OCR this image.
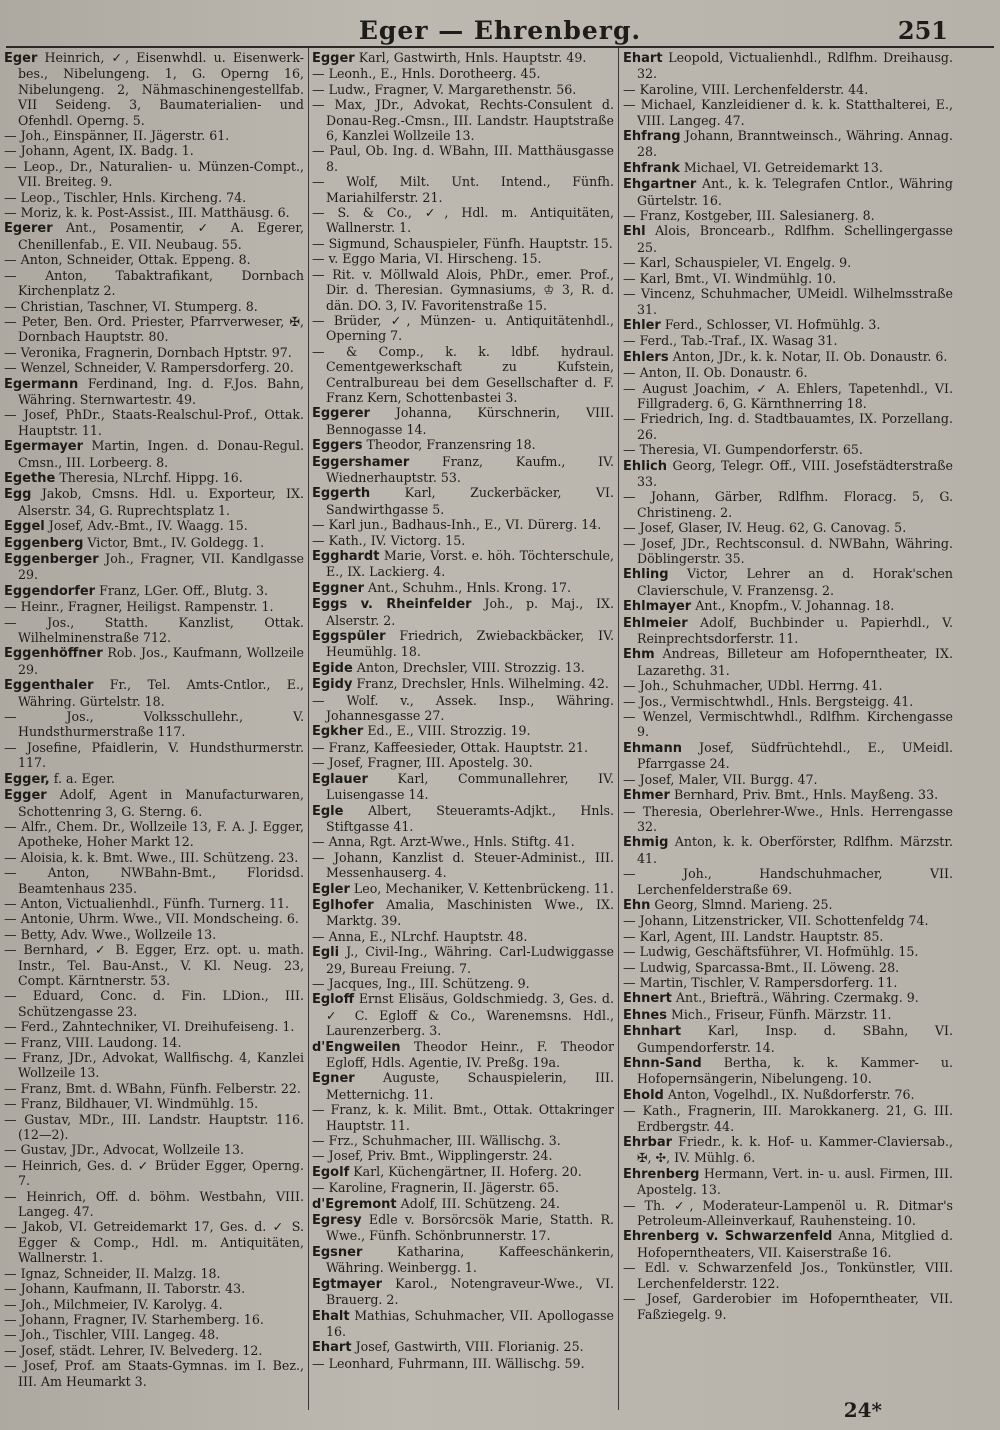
Eger — Ehrenberg.	251
Eger Heinrich, ✓, Eisenwhdl. u. Eisenwerk-bes., Nibelungeng. 1, G. Operng 16, Nibelungeng. 2, Nähmaschinengestellfab. VII Seideng. 3, Baumaterialien- und Ofenhdl. Operng. 5.
— Joh., Einspänner, II. Jägerstr. 61.
— Johann, Agent, IX. Badg. 1.
— Leop., Dr., Naturalien- u. Münzen-Compt., VII. Breiteg. 9.
— Leop., Tischler, Hnls. Kircheng. 74.
— Moriz, k. k. Post-Assist., III. Matthäusg. 6.
Egerer Ant., Posamentir, ✓ A. Egerer, Chenillenfab., E. VII. Neubaug. 55.
— Anton, Schneider, Ottak. Eppeng. 8.
— Anton, Tabaktrafikant, Dornbach Kirchenplatz 2.
— Christian, Taschner, VI. Stumperg. 8.
— Peter, Ben. Ord. Priester, Pfarrverweser, ✠, Dornbach Hauptstr. 80.
— Veronika, Fragnerin, Dornbach Hptstr. 97.
— Wenzel, Schneider, V. Rampersdorferg. 20.
Egermann Ferdinand, Ing. d. F.Jos. Bahn, Währing. Sternwartestr. 49.
— Josef, PhDr., Staats-Realschul-Prof., Ottak. Hauptstr. 11.
Egermayer Martin, Ingen. d. Donau-Regul. Cmsn., III. Lorbeerg. 8.
Egethe Theresia, NLrchf. Hippg. 16.
Egg Jakob, Cmsns. Hdl. u. Exporteur, IX. Alserstr. 34, G. Ruprechtsplatz 1.
Eggel Josef, Adv.-Bmt., IV. Waagg. 15.
Eggenberg Victor, Bmt., IV. Goldegg. 1.
Eggenberger Joh., Fragner, VII. Kandlgasse 29.
Eggendorfer Franz, LGer. Off., Blutg. 3.
— Heinr., Fragner, Heiligst. Rampenstr. 1.
— Jos., Statth. Kanzlist, Ottak. Wilhelminenstraße 712.
Eggenhöffner Rob. Jos., Kaufmann, Wollzeile 29.
Eggenthaler Fr., Tel. Amts-Cntlor., E., Währing. Gürtelstr. 18.
— Jos., Volksschullehr., V. Hundsthurmerstraße 117.
— Josefine, Pfaidlerin, V. Hundsthurmerstr. 117.
Egger, f. a. Eger.
Egger Adolf, Agent in Manufacturwaren, Schottenring 3, G. Sterng. 6.
— Alfr., Chem. Dr., Wollzeile 13, F. A. J. Egger, Apotheke, Hoher Markt 12.
— Aloisia, k. k. Bmt. Wwe., III. Schützeng. 23.
— Anton, NWBahn-Bmt., Floridsd. Beamtenhaus 235.
— Anton, Victualienhdl., Fünfh. Turnerg. 11.
— Antonie, Uhrm. Wwe., VII. Mondscheing. 6.
— Betty, Adv. Wwe., Wollzeile 13.
— Bernhard, ✓ B. Egger, Erz. opt. u. math. Instr., Tel. Bau-Anst., V. Kl. Neug. 23, Compt. Kärntnerstr. 53.
— Eduard, Conc. d. Fin. LDion., III. Schützengasse 23.
— Ferd., Zahntechniker, VI. Dreihufeiseng. 1.
— Franz, VIII. Laudong. 14.
— Franz, JDr., Advokat, Wallfischg. 4, Kanzlei Wollzeile 13.
— Franz, Bmt. d. WBahn, Fünfh. Felberstr. 22.
— Franz, Bildhauer, VI. Windmühlg. 15.
— Gustav, MDr., III. Landstr. Hauptstr. 116. (12—2).
— Gustav, JDr., Advocat, Wollzeile 13.
— Heinrich, Ges. d. ✓ Brüder Egger, Operng. 7.
— Heinrich, Off. d. böhm. Westbahn, VIII. Langeg. 47.
— Jakob, VI. Getreidemarkt 17, Ges. d. ✓ S. Egger & Comp., Hdl. m. Antiquitäten, Wallnerstr. 1.
— Ignaz, Schneider, II. Malzg. 18.
— Johann, Kaufmann, II. Taborstr. 43.
— Joh., Milchmeier, IV. Karolyg. 4.
— Johann, Fragner, IV. Starhemberg. 16.
— Joh., Tischler, VIII. Langeg. 48.
— Josef, städt. Lehrer, IV. Belvederg. 12.
— Josef, Prof. am Staats-Gymnas. im I. Bez., III. Am Heumarkt 3.
Egger Karl, Gastwirth, Hnls. Hauptstr. 49.
— Leonh., E., Hnls. Dorotheerg. 45.
— Ludw., Fragner, V. Margarethenstr. 56.
— Max, JDr., Advokat, Rechts-Consulent d. Donau-Reg.-Cmsn., III. Landstr. Hauptstraße 6, Kanzlei Wollzeile 13.
— Paul, Ob. Ing. d. WBahn, III. Matthäusgasse 8.
— Wolf, Milt. Unt. Intend., Fünfh. Mariahilferstr. 21.
— S. & Co., ✓, Hdl. m. Antiquitäten, Wallnerstr. 1.
— Sigmund, Schauspieler, Fünfh. Hauptstr. 15.
— v. Eggo Maria, VI. Hirscheng. 15.
— Rit. v. Möllwald Alois, PhDr., emer. Prof., Dir. d. Theresian. Gymnasiums, ♔ 3, R. d. dän. DO. 3, IV. Favoritenstraße 15.
— Brüder, ✓, Münzen- u. Antiquitätenhdl., Operning 7.
— & Comp., k. k. ldbf. hydraul. Cementgewerkschaft zu Kufstein, Centralbureau bei dem Gesellschafter d. F. Franz Kern, Schottenbastei 3.
Eggerer Johanna, Kürschnerin, VIII. Bennogasse 14.
Eggers Theodor, Franzensring 18.
Eggershamer	Franz, Kaufm., IV. Wiednerhauptstr. 53.
Eggerth	Karl, Zuckerbäcker, VI. Sandwirthgasse 5.
— Karl jun., Badhaus-Inh., E., VI. Dürerg. 14.
— Kath., IV. Victorg. 15.
Egghardt Marie, Vorst. e. höh. Töchterschule, E., IX. Lackierg. 4.
Eggner Ant., Schuhm., Hnls. Krong. 17.
Eggs v. Rheinfelder Joh., p. Maj., IX. Alserstr. 2.
Eggspüler Friedrich, Zwiebackbäcker, IV. Heumühlg. 18.
Egide Anton, Drechsler, VIII. Strozzig. 13.
Egidy Franz, Drechsler, Hnls. Wilhelming. 42.
— Wolf. v., Assek. Insp., Währing. Johannesgasse 27.
Egkher Ed., E., VIII. Strozzig. 19.
— Franz, Kaffeesieder, Ottak. Hauptstr. 21.
— Josef, Fragner, III. Apostelg. 30.
Eglauer Karl, Communallehrer, IV. Luisengasse 14.
Egle Albert, Steueramts-Adjkt., Hnls. Stiftgasse 41.
— Anna, Rgt. Arzt-Wwe., Hnls. Stiftg. 41.
— Johann, Kanzlist d. Steuer-Administ., III. Messenhauserg. 4.
Egler Leo, Mechaniker, V. Kettenbrückeng. 11.
Eglhofer Amalia, Maschinisten Wwe., IX. Marktg. 39.
— Anna, E., NLrchf. Hauptstr. 48.
Egli J., Civil-Ing., Währing. Carl-Ludwiggasse 29, Bureau Freiung. 7.
— Jacques, Ing., III. Schützeng. 9.
Egloff Ernst Elisäus, Goldschmiedg. 3, Ges. d. ✓ C. Egloff & Co., Warenemsns. Hdl., Laurenzerberg. 3.
d'Engweilen Theodor Heinr., F. Theodor Egloff, Hdls. Agentie, IV. Preßg. 19a.
Egner Auguste, Schauspielerin, III. Metternichg. 11.
— Franz, k. k. Milit. Bmt., Ottak. Ottakringer Hauptstr. 11.
— Frz., Schuhmacher, III. Wällischg. 3.
— Josef, Priv. Bmt., Wipplingerstr. 24.
Egolf Karl, Küchengärtner, II. Hoferg. 20.
— Karoline, Fragnerin, II. Jägerstr. 65.
d'Egremont Adolf, III. Schützeng. 24.
Egresy Edle v. Borsörcsök Marie, Statth. R. Wwe., Fünfh. Schönbrunnerstr. 17.
Egsner	Katharina, Kaffeeschänkerin, Währing. Weinbergg. 1.
Egtmayer Karol., Notengraveur-Wwe., VI. Brauerg. 2.
Ehalt Mathias, Schuhmacher, VII. Apollogasse 16.
Ehart Josef, Gastwirth, VIII. Florianig. 25.
— Leonhard, Fuhrmann, III. Wällischg. 59.
Ehart Leopold, Victualienhdl., Rdlfhm. Dreihausg. 32.
— Karoline, VIII. Lerchenfelderstr. 44.
— Michael, Kanzleidiener d. k. k. Statthalterei, E., VIII. Langeg. 47.
Ehfrang Johann, Branntweinsch., Währing. Annag. 28.
Ehfrank Michael, VI. Getreidemarkt 13.
Ehgartner Ant., k. k. Telegrafen Cntlor., Währing Gürtelstr. 16.
— Franz, Kostgeber, III. Salesianerg. 8.
Ehl Alois, Broncearb., Rdlfhm. Schellingergasse 25.
— Karl, Schauspieler, VI. Engelg. 9.
— Karl, Bmt., VI. Windmühlg. 10.
— Vincenz, Schuhmacher, UMeidl. Wilhelmsstraße 31.
Ehler Ferd., Schlosser, VI. Hofmühlg. 3.
— Ferd., Tab.-Traf., IX. Wasag 31.
Ehlers Anton, JDr., k. k. Notar, II. Ob. Donaustr. 6.
— Anton, II. Ob. Donaustr. 6.
— August Joachim, ✓ A. Ehlers, Tapetenhdl., VI. Fillgraderg. 6, G. Kärnthnerring 18.
— Friedrich, Ing. d. Stadtbauamtes, IX. Porzellang. 26.
— Theresia, VI. Gumpendorferstr. 65.
Ehlich Georg, Telegr. Off., VIII. Josefstädterstraße 33.
— Johann, Gärber, Rdlfhm. Floracg. 5, G. Christineng. 2.
— Josef, Glaser, IV. Heug. 62, G. Canovag. 5.
— Josef, JDr., Rechtsconsul. d. NWBahn, Währing. Döblingerstr. 35.
Ehling Victor, Lehrer an d. Horak'schen Clavierschule, V. Franzensg. 2.
Ehlmayer Ant., Knopfm., V. Johannag. 18.
Ehlmeier Adolf, Buchbinder u. Papierhdl., V. Reinprechtsdorferstr. 11.
Ehm Andreas, Billeteur am Hofoperntheater, IX. Lazarethg. 31.
— Joh., Schuhmacher, UDbl. Herrng. 41.
— Jos., Vermischtwhdl., Hnls. Bergsteigg. 41.
— Wenzel, Vermischtwhdl., Rdlfhm. Kirchengasse 9.
Ehmann Josef, Südfrüchtehdl., E., UMeidl. Pfarrgasse 24.
— Josef, Maler, VII. Burgg. 47.
Ehmer Bernhard, Priv. Bmt., Hnls. Mayßeng. 33.
— Theresia, Oberlehrer-Wwe., Hnls. Herrengasse 32.
Ehmig Anton, k. k. Oberförster, Rdlfhm. Märzstr. 41.
— Joh., Handschuhmacher, VII. Lerchenfelderstraße 69.
Ehn Georg, Slmnd. Marieng. 25.
— Johann, Litzenstricker, VII. Schottenfeldg 74.
— Karl, Agent, III. Landstr. Hauptstr. 85.
— Ludwig, Geschäftsführer, VI. Hofmühlg. 15.
— Ludwig, Sparcassa-Bmt., II. Löweng. 28.
— Martin, Tischler, V. Rampersdorferg. 11.
Ehnert Ant., Briefträ., Währing. Czermakg. 9.
Ehnes Mich., Friseur, Fünfh. Märzstr. 11.
Ehnhart Karl, Insp. d. SBahn, VI. Gumpendorferstr. 14.
Ehnn-Sand Bertha, k. k. Kammer- u. Hofopernsängerin, Nibelungeng. 10.
Ehold Anton, Vogelhdl., IX. Nußdorferstr. 76.
— Kath., Fragnerin, III. Marokkanerg. 21, G. III. Erdbergstr. 44.
Ehrbar Friedr., k. k. Hof- u. Kammer-Claviersab., ✠, ✣, IV. Mühlg. 6.
Ehrenberg Hermann, Vert. in- u. ausl. Firmen, III. Apostelg. 13.
— Th. ✓, Moderateur-Lampenöl u. R. Ditmar's Petroleum-Alleinverkauf, Rauhensteing. 10.
Ehrenberg v. Schwarzenfeld Anna, Mitglied d. Hofoperntheaters, VII. Kaiserstraße 16.
— Edl. v. Schwarzenfeld Jos., Tonkünstler, VIII. Lerchenfelderstr. 122.
— Josef, Garderobier im Hofoperntheater, VII. Faßziegelg. 9.
24*
